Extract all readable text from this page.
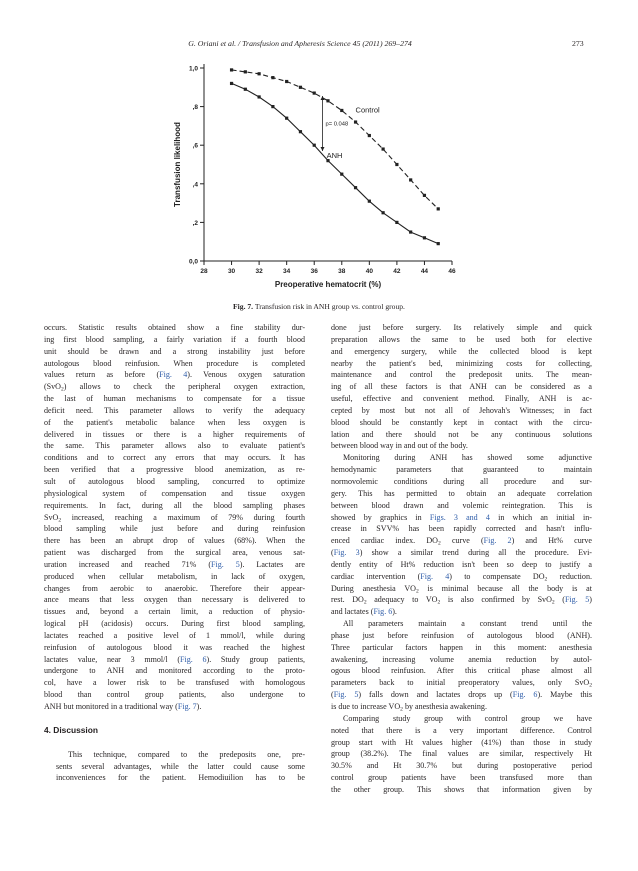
G. Oriani et al. / Transfusion and Apheresis Science 45 (2011) 269–274	273
0,0
,2
,4
,6
,8
1,0
28	30	32	34	36	38	40	42	44	46
Preoperative hematocrit (%)
Transfusion likelihood	ANH
Control
p= 0.048
Fig. 7. Transfusion risk in ANH group vs. control group.

occurs. Statistic results obtained show a fine stability dur-
ing first blood sampling, a fairly variation if a fourth blood
unit should be drawn and a strong instability just before
autologous blood reinfusion. When procedure is completed
values return as before (Fig. 4). Venous oxygen saturation
(SvO$_2$) allows to check the peripheral oxygen extraction,
the last of human mechanisms to compensate for a tissue
deficit need. This parameter allows to verify the adequacy
of the patient's metabolic balance when less oxygen is
delivered in tissues or there is a higher requirements of
the same. This parameter allows also to evaluate patient's
conditions and to correct any errors that may occurs. It has
been verified that a progressive blood anemization, as re-
sult of autologous blood sampling, concurred to optimize
physiological system of compensation and tissue oxygen
requirements. In fact, during all the blood sampling phases
SvO$_2$ increased, reaching a maximum of 79% during fourth
blood sampling while just before and during reinfusion
there has been an abrupt drop of values (68%). When the
patient was discharged from the surgical area, venous sat-
uration increased and reached 71% (Fig. 5). Lactates are
produced when cellular metabolism, in lack of oxygen,
changes from aerobic to anaerobic. Therefore their appear-
ance means that less oxygen than necessary is delivered to
tissues and, beyond a certain limit, a reduction of physio-
logical pH (acidosis) occurs. During first blood sampling,
lactates reached a positive level of 1 mmol/l, while during
reinfusion of autologous blood it was reached the highest
lactates value, near 3 mmol/l (Fig. 6). Study group patients,
undergone to ANH and monitored according to the proto-
col, have a lower risk to be transfused with homologous
blood than control group patients, also undergone to
ANH but monitored in a traditional way (Fig. 7).

4. Discussion

This technique, compared to the predeposits one, pre-
sents several advantages, while the latter could cause some
inconveniences for the patient. Hemodiuilion has to be

done just before surgery. Its relatively simple and quick
preparation allows the same to be used both for elective
and emergency surgery, while the collected blood is kept
nearby the patient's bed, minimizing costs for collecting,
maintenance and control the predeposit units. The mean-
ing of all these factors is that ANH can be considered as a
useful, effective and convenient method. Finally, ANH is ac-
cepted by most but not all of Jehovah's Witnesses; in fact
blood should be constantly kept in contact with the circu-
lation and there should not be any continuous solutions
between blood way in and out of the body.

Monitoring during ANH has showed some adjunctive
hemodynamic parameters that guaranteed to maintain
normovolemic conditions during all procedure and sur-
gery. This has permitted to obtain an adequate correlation
between blood drawn and volemic reintegration. This is
showed by graphics in Figs. 3 and 4 in which an initial in-
crease in SVV% has been rapidly corrected and hasn't influ-
enced cardiac index. $DO_2$ curve (Fig. 2) and Ht% curve
(Fig. 3) show a similar trend during all the procedure. Evi-
dently entity of Ht% reduction isn't been so deep to justify a
cardiac intervention (Fig. 4) to compensate $DO_2$ reduction.
During anesthesia $VO_2$ is minimal because all the body is at
rest. $DO_2$ adequacy to $VO_2$ is also confirmed by SvO$_2$ (Fig. 5)
and lactates (Fig. 6).

All parameters maintain a constant trend until the
phase just before reinfusion of autologous blood (ANH).
Three particular factors happen in this moment: anesthesia
awakening, increasing volume anemia reduction by autol-
ogous blood reinfusion. After this critical phase almost all
parameters back to initial preoperatory values, only SvO$_2$
(Fig. 5) falls down and lactates drops up (Fig. 6). Maybe this
is due to increase $VO_2$ by anesthesia awakening.

Comparing study group with control group we have
noted that there is a very important difference. Control
group start with Ht values higher (41%) than those in study
group (38.2%). The final values are similar, respectively Ht
30.5% and Ht 30.7% but during postoperative period
control group patients have been transfused more than
the other group. This shows that information given by
